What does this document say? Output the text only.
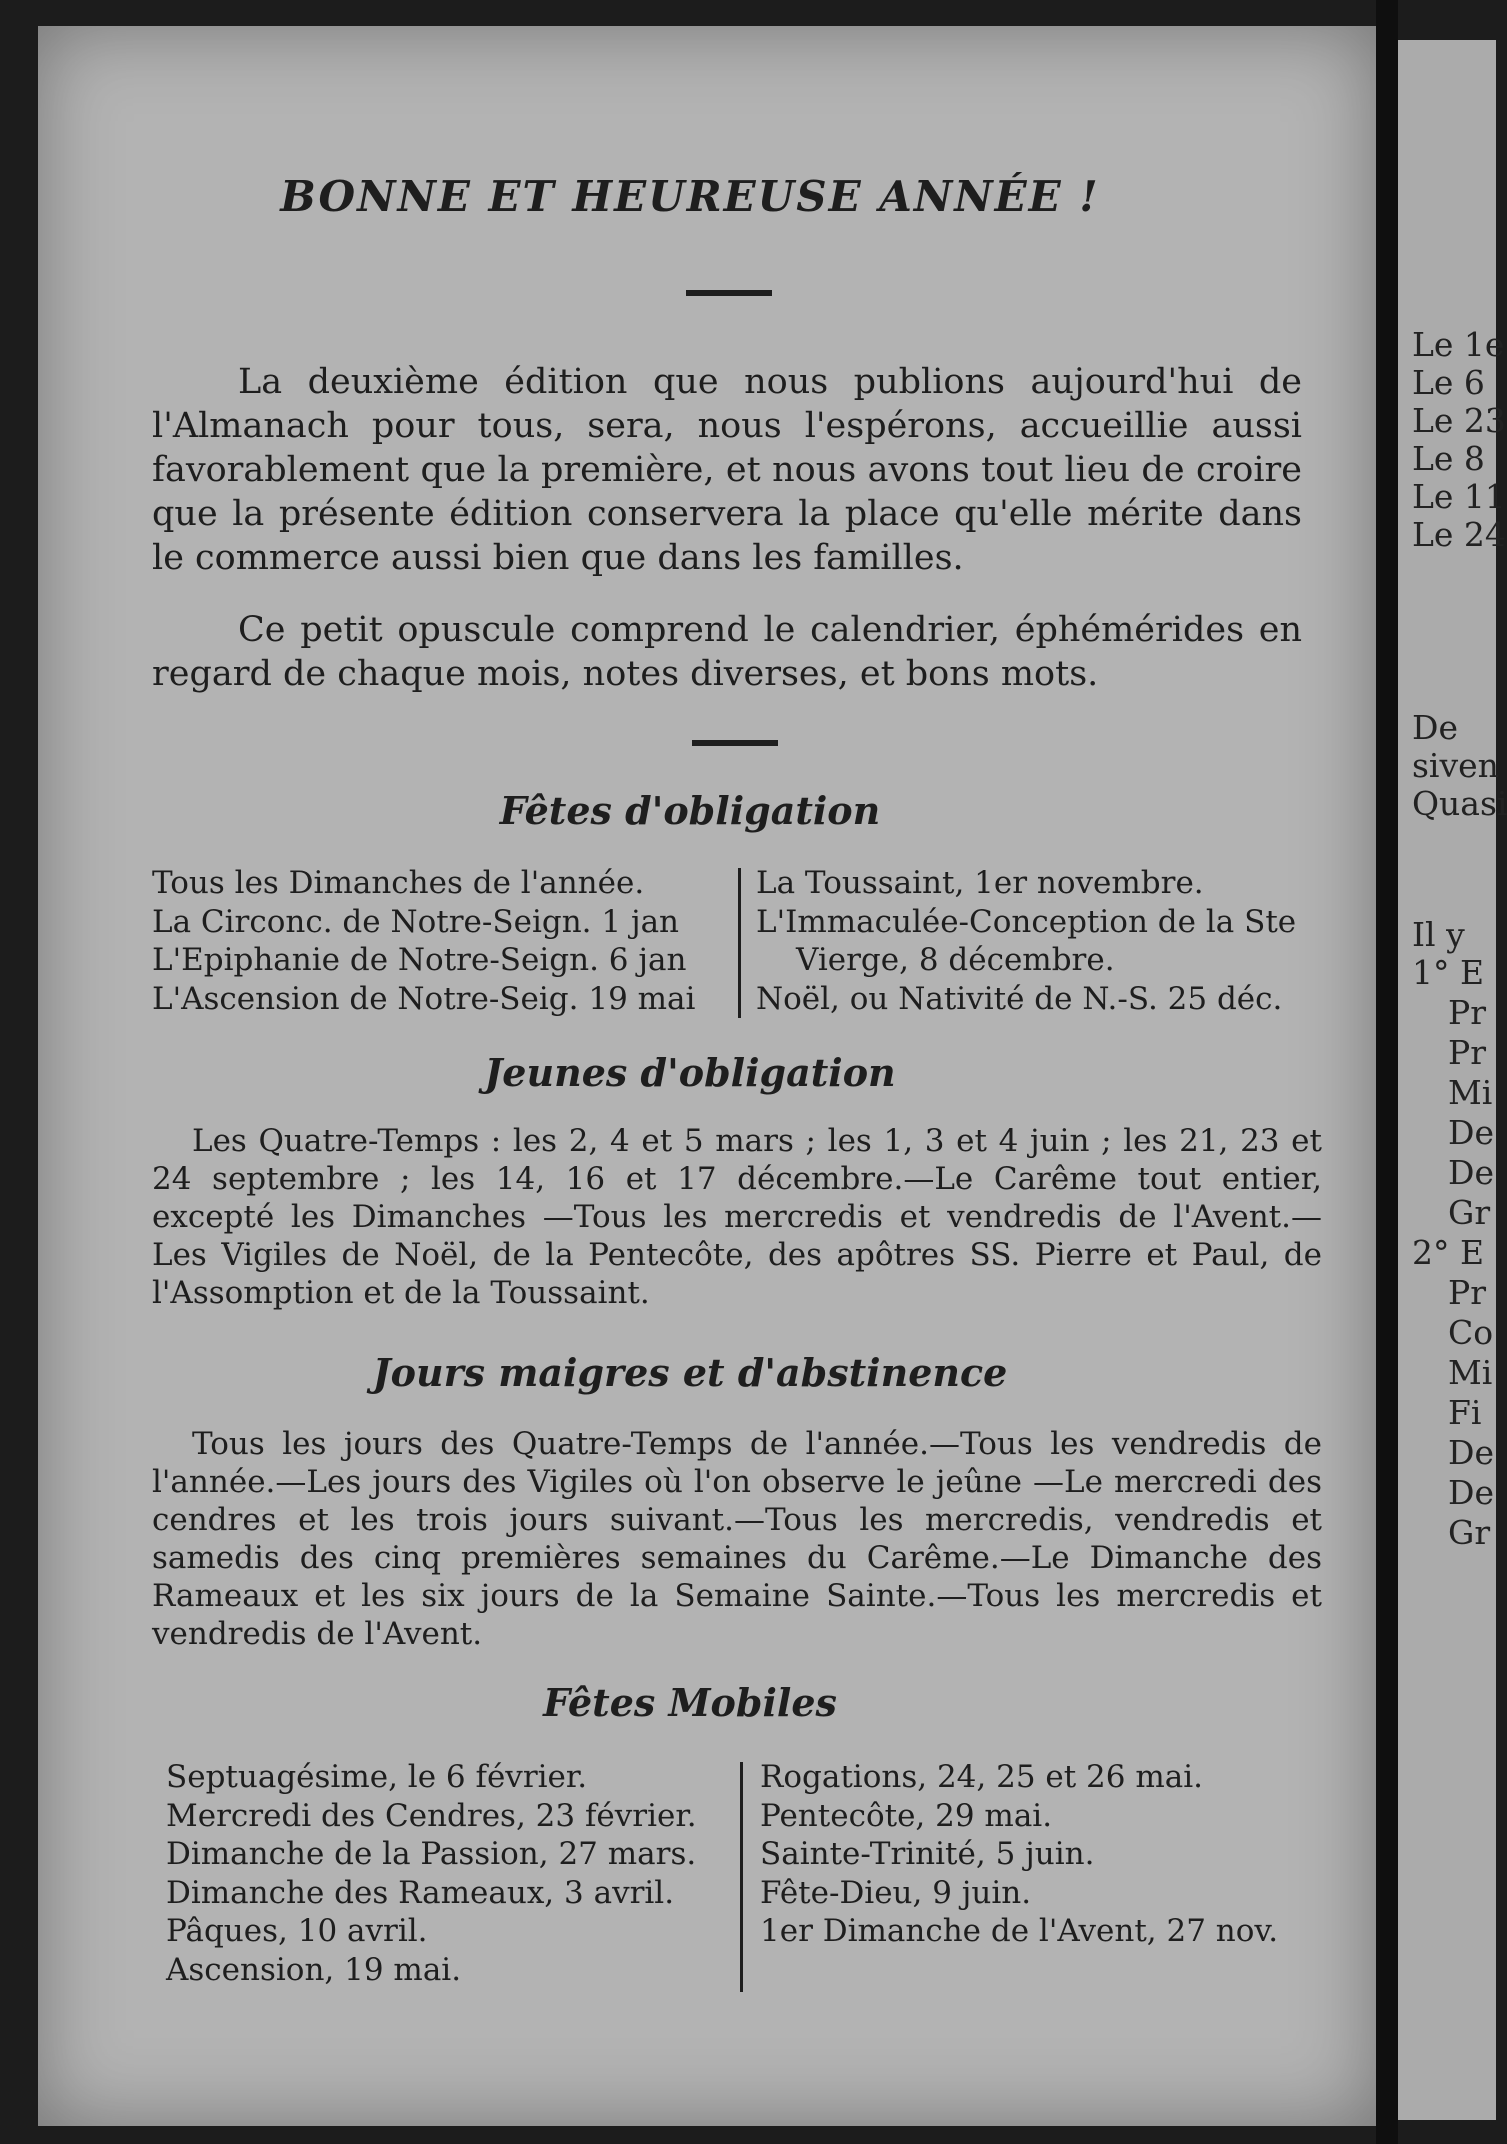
Le 1e
Le 6
Le 23
Le 8
Le 11
Le 24
De
siven
Quasi
Il y
1° E
Pr
Pr
Mi
De
De
Gr
2° E
Pr
Co
Mi
Fi
De
De
Gr
BONNE ET HEUREUSE ANNÉE !

La deuxième édition que nous publions aujourd'hui de l'Almanach pour tous, sera, nous l'espérons, accueillie aussi favorablement que la première, et nous avons tout lieu de croire que la présente édition conservera la place qu'elle mérite dans le commerce aussi bien que dans les familles.

Ce petit opuscule comprend le calendrier, éphémérides en regard de chaque mois, notes diverses, et bons mots.

Fêtes d'obligation
Tous les Dimanches de l'année.
La Circonc. de Notre-Seign. 1 jan
L'Epiphanie de Notre-Seign. 6 jan
L'Ascension de Notre-Seig. 19 mai
La Toussaint, 1er novembre.
L'Immaculée-Conception de la Ste
Vierge, 8 décembre.
Noël, ou Nativité de N.-S. 25 déc.
Jeunes d'obligation

Les Quatre-Temps : les 2, 4 et 5 mars ; les 1, 3 et 4 juin ; les 21, 23 et 24 septembre ; les 14, 16 et 17 décembre.—Le Carême tout entier, excepté les Dimanches —Tous les mercredis et vendredis de l'Avent.— Les Vigiles de Noël, de la Pentecôte, des apôtres SS. Pierre et Paul, de l'Assomption et de la Toussaint.

Jours maigres et d'abstinence

Tous les jours des Quatre-Temps de l'année.—Tous les vendredis de l'année.—Les jours des Vigiles où l'on observe le jeûne —Le mercredi des cendres et les trois jours suivant.—Tous les mercredis, vendredis et samedis des cinq premières semaines du Carême.—Le Dimanche des Rameaux et les six jours de la Semaine Sainte.—Tous les mercredis et vendredis de l'Avent.

Fêtes Mobiles
Septuagésime, le 6 février.
Mercredi des Cendres, 23 février.
Dimanche de la Passion, 27 mars.
Dimanche des Rameaux, 3 avril.
Pâques, 10 avril.
Ascension, 19 mai.
Rogations, 24, 25 et 26 mai.
Pentecôte, 29 mai.
Sainte-Trinité, 5 juin.
Fête-Dieu, 9 juin.
1er Dimanche de l'Avent, 27 nov.
